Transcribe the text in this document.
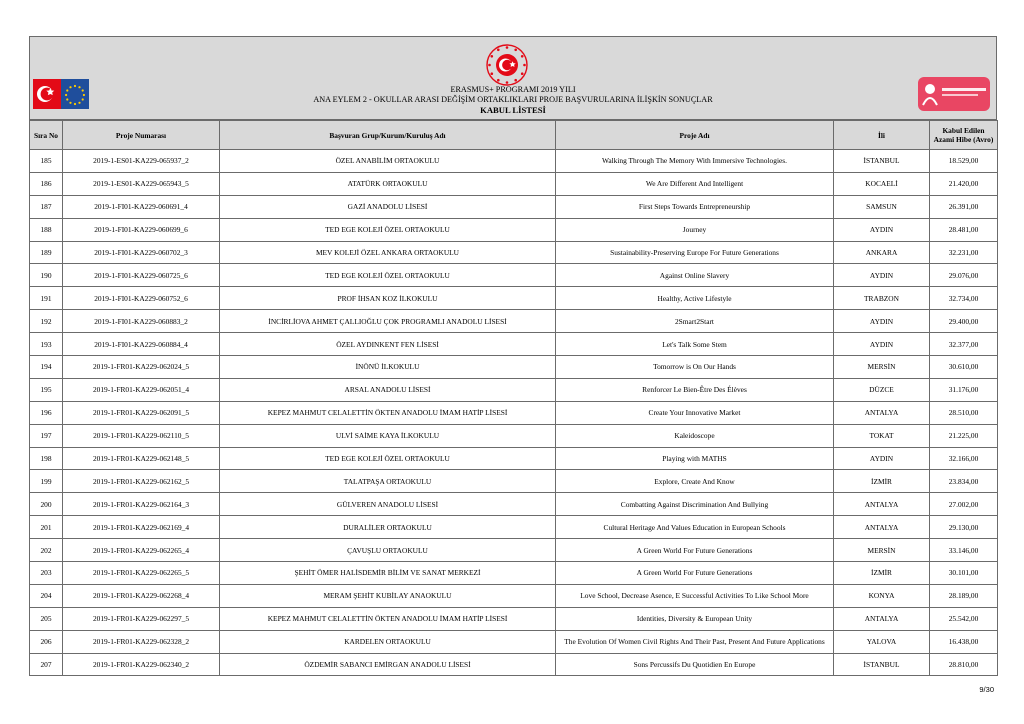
ERASMUS+ PROGRAMI 2019 YILI
ANA EYLEM 2 - OKULLAR ARASI DEĞİŞİM ORTAKLIKLARI PROJE BAŞVURULARINA İLİŞKİN SONUÇLAR
KABUL LİSTESİ
Sıra No	Proje Numarası	Başvuran Grup/Kurum/Kuruluş Adı	Proje Adı	İli	Kabul Edilen Azami Hibe (Avro)
185	2019-1-ES01-KA229-065937_2	ÖZEL ANABİLİM ORTAOKULU	Walking Through The Memory With Immersive Technologies.	İSTANBUL	18.529,00
186	2019-1-ES01-KA229-065943_5	ATATÜRK ORTAOKULU	We Are Different And Intelligent	KOCAELİ	21.420,00
187	2019-1-FI01-KA229-060691_4	GAZİ ANADOLU LİSESİ	First Steps Towards Entrepreneurship	SAMSUN	26.391,00
188	2019-1-FI01-KA229-060699_6	TED EGE KOLEJİ ÖZEL ORTAOKULU	Journey	AYDIN	28.481,00
189	2019-1-FI01-KA229-060702_3	MEV KOLEJİ ÖZEL ANKARA ORTAOKULU	Sustainability-Preserving Europe For Future Generations	ANKARA	32.231,00
190	2019-1-FI01-KA229-060725_6	TED EGE KOLEJİ ÖZEL ORTAOKULU	Against Online Slavery	AYDIN	29.076,00
191	2019-1-FI01-KA229-060752_6	PROF İHSAN KOZ İLKOKULU	Healthy, Active Lifestyle	TRABZON	32.734,00
192	2019-1-FI01-KA229-060883_2	İNCİRLİOVA AHMET ÇALLIOĞLU ÇOK PROGRAMLI ANADOLU LİSESİ	2Smart2Start	AYDIN	29.400,00
193	2019-1-FI01-KA229-060884_4	ÖZEL AYDINKENT FEN LİSESİ	Let's Talk Some Stem	AYDIN	32.377,00
194	2019-1-FR01-KA229-062024_5	İNÖNÜ İLKOKULU	Tomorrow is On Our Hands	MERSİN	30.610,00
195	2019-1-FR01-KA229-062051_4	ARSAL ANADOLU LİSESİ	Renforcer Le Bien-Être Des Élèves	DÜZCE	31.176,00
196	2019-1-FR01-KA229-062091_5	KEPEZ MAHMUT CELALETTİN ÖKTEN ANADOLU İMAM HATİP LİSESİ	Create Your Innovative Market	ANTALYA	28.510,00
197	2019-1-FR01-KA229-062110_5	ULVİ SAİME KAYA İLKOKULU	Kaleidoscope	TOKAT	21.225,00
198	2019-1-FR01-KA229-062148_5	TED EGE KOLEJİ ÖZEL ORTAOKULU	Playing with MATHS	AYDIN	32.166,00
199	2019-1-FR01-KA229-062162_5	TALATPAŞA ORTAOKULU	Explore, Create And Know	İZMİR	23.834,00
200	2019-1-FR01-KA229-062164_3	GÜLVEREN ANADOLU LİSESİ	Combatting Against Discrimination And Bullying	ANTALYA	27.002,00
201	2019-1-FR01-KA229-062169_4	DURALİLER ORTAOKULU	Cultural Heritage And Values Education in European Schools	ANTALYA	29.130,00
202	2019-1-FR01-KA229-062265_4	ÇAVUŞLU ORTAOKULU	A Green World For Future Generations	MERSİN	33.146,00
203	2019-1-FR01-KA229-062265_5	ŞEHİT ÖMER HALİSDEMİR BİLİM VE SANAT MERKEZİ	A Green World For Future Generations	İZMİR	30.101,00
204	2019-1-FR01-KA229-062268_4	MERAM ŞEHİT KUBİLAY ANAOKULU	Love School, Decrease Asence, E Successful Activities To Like School More	KONYA	28.189,00
205	2019-1-FR01-KA229-062297_5	KEPEZ MAHMUT CELALETTİN ÖKTEN ANADOLU İMAM HATİP LİSESİ	Identities, Diversity & European Unity	ANTALYA	25.542,00
206	2019-1-FR01-KA229-062328_2	KARDELEN ORTAOKULU	The Evolution Of Women Civil Rights And Their Past, Present And Future Applications	YALOVA	16.438,00
207	2019-1-FR01-KA229-062340_2	ÖZDEMİR SABANCI EMİRGAN ANADOLU LİSESİ	Sons Percussifs Du Quotidien En Europe	İSTANBUL	28.810,00
9/30
